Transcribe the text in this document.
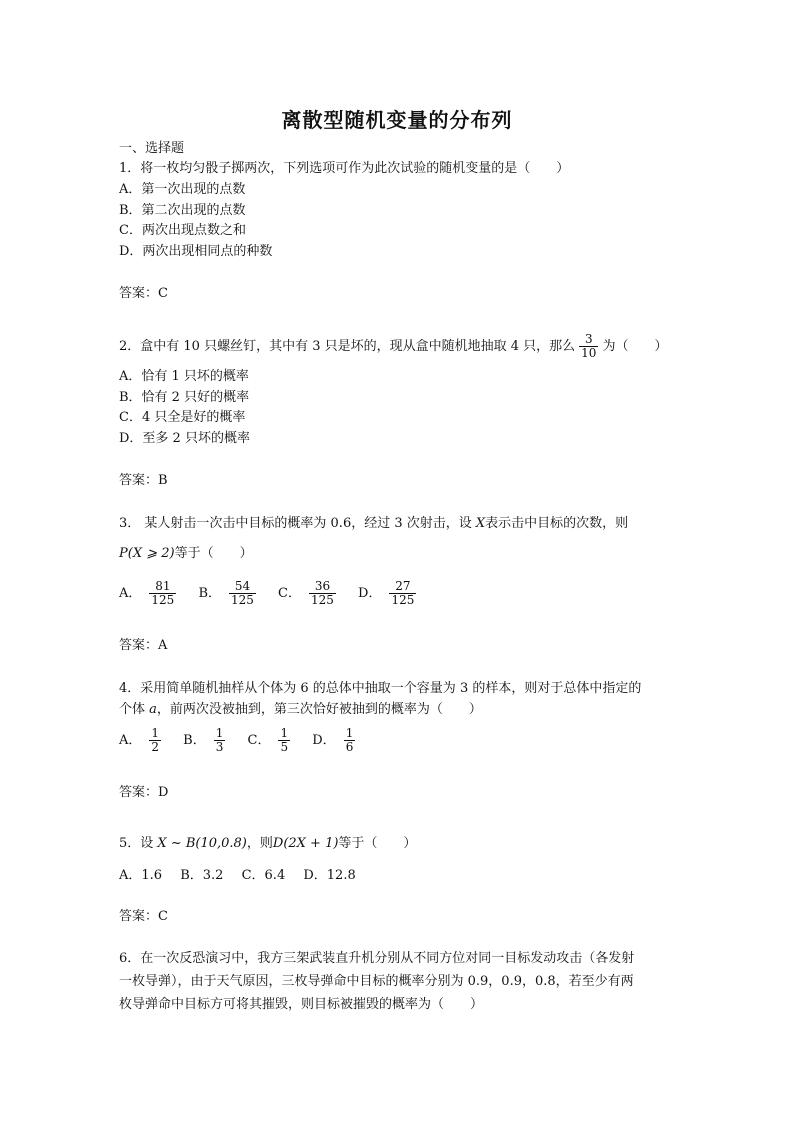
离散型随机变量的分布列
一、选择题
1．将一枚均匀骰子掷两次，下列选项可作为此次试验的随机变量的是（　　）
A．第一次出现的点数
B．第二次出现的点数
C．两次出现点数之和
D．两次出现相同点的种数
答案：C
2．盒中有 10 只螺丝钉，其中有 3 只是坏的，现从盒中随机地抽取 4 只，那么 $\frac{3}{10}$ 为（　　）
A．恰有 1 只坏的概率
B．恰有 2 只好的概率
C．4 只全是好的概率
D．至多 2 只坏的概率
答案：B
3． 某人射击一次击中目标的概率为 0.6，经过 3 次射击，设 X表示击中目标的次数，则
P(X ⩾ 2)等于（　　）
A． $\frac{81}{125}$ B． $\frac{54}{125}$ C． $\frac{36}{125}$ D． $\frac{27}{125}$
答案：A
4．采用简单随机抽样从个体为 6 的总体中抽取一个容量为 3 的样本，则对于总体中指定的
个体 a，前两次没被抽到，第三次恰好被抽到的概率为（　　）
A． $\frac{1}{2}$ B． $\frac{1}{3}$ C． $\frac{1}{5}$ D． $\frac{1}{6}$
答案：D
5．设 X ~ B(10,0.8)，则D(2X + 1)等于（　　）
A．1.6 B．3.2 C．6.4 D．12.8
答案：C
6．在一次反恐演习中，我方三架武装直升机分别从不同方位对同一目标发动攻击（各发射
一枚导弹），由于天气原因，三枚导弹命中目标的概率分别为 0.9，0.9，0.8，若至少有两
枚导弹命中目标方可将其摧毁，则目标被摧毁的概率为（　　）
